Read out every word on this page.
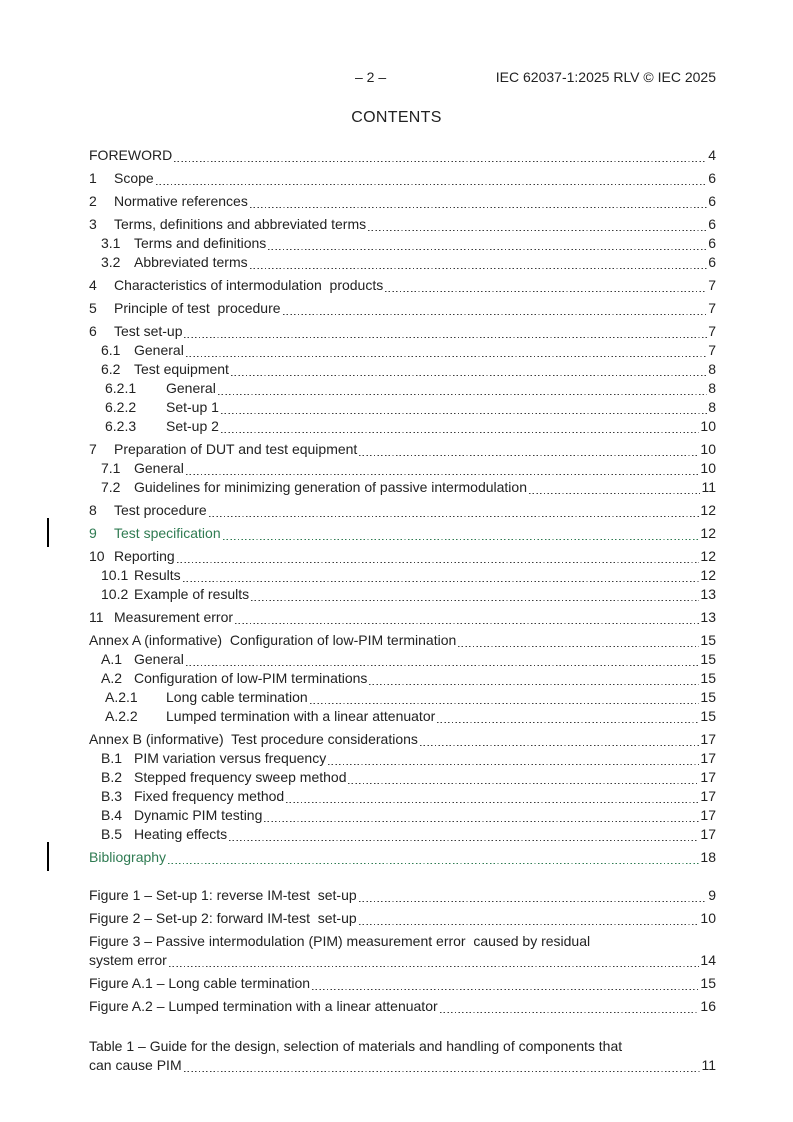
– 2 –	IEC 62037-1:2025 RLV © IEC 2025
CONTENTS
FOREWORD	4
1	Scope	6
2	Normative references	6
3	Terms, definitions and abbreviated terms	6
3.1 Terms and definitions	6
3.2 Abbreviated terms	6
4	Characteristics of intermodulation  products	7
5	Principle of test  procedure	7
6	Test set-up	7
6.1 General	7
6.2 Test equipment	8
6.2.1	General	8
6.2.2	Set-up 1	8
6.2.3	Set-up 2	10
7	Preparation of DUT and test equipment	10
7.1 General	10
7.2 Guidelines for minimizing generation of passive intermodulation	11
8	Test procedure	12
9	Test specification	12
10 Reporting	12
10.1 Results	12
10.2 Example of results	13
11 Measurement error	13
Annex A (informative)  Configuration of low-PIM termination	15
A.1 General	15
A.2 Configuration of low-PIM terminations	15
A.2.1	Long cable termination	15
A.2.2	Lumped termination with a linear attenuator	15
Annex B (informative)  Test procedure considerations	17
B.1 PIM variation versus frequency	17
B.2 Stepped frequency sweep method	17
B.3 Fixed frequency method	17
B.4 Dynamic PIM testing	17
B.5 Heating effects	17
Bibliography	18
Figure 1 – Set-up 1: reverse IM-test  set-up	9
Figure 2 – Set-up 2: forward IM-test  set-up	10
Figure 3 – Passive intermodulation (PIM) measurement error  caused by residual
system error	14
Figure A.1 – Long cable termination	15
Figure A.2 – Lumped termination with a linear attenuator	16
Table 1 – Guide for the design, selection of materials and handling of components that
can cause PIM	11
